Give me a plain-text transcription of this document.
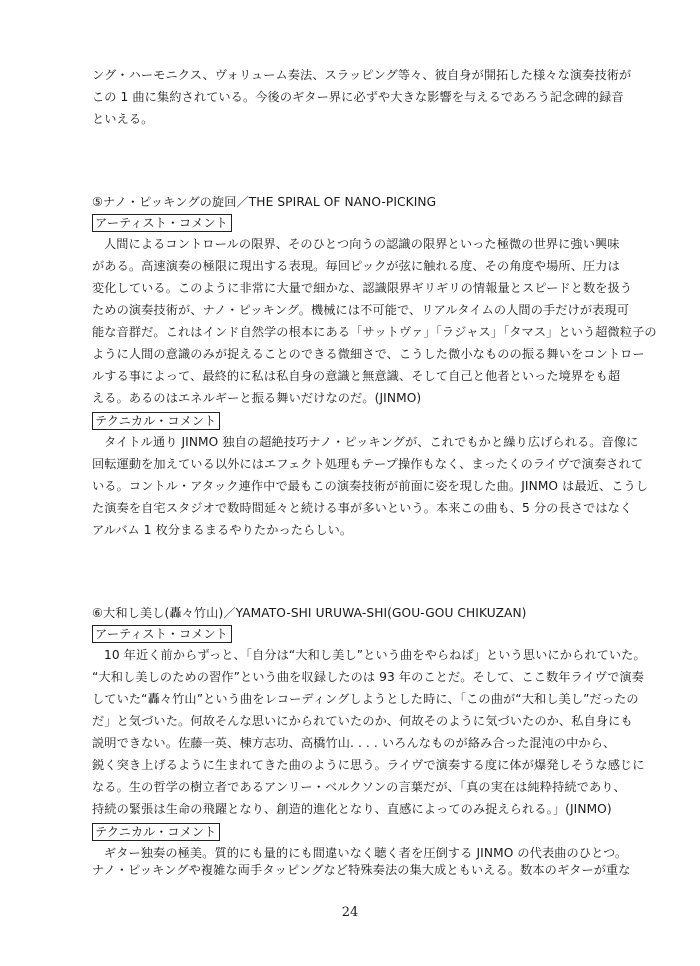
ング・ハーモニクス、ヴォリューム奏法、スラッピング等々、彼自身が開拓した様々な演奏技術が
この 1 曲に集約されている。今後のギター界に必ずや大きな影響を与えるであろう記念碑的録音
といえる。
⑤ナノ・ピッキングの旋回／THE SPIRAL OF NANO-PICKING
アーティスト・コメント
人間によるコントロールの限界、そのひとつ向うの認識の限界といった極微の世界に強い興味
がある。高速演奏の極限に現出する表現。毎回ピックが弦に触れる度、その角度や場所、圧力は
変化している。このように非常に大量で細かな、認識限界ギリギリの情報量とスピードと数を扱う
ための演奏技術が、ナノ・ピッキング。機械には不可能で、リアルタイムの人間の手だけが表現可
能な音群だ。これはインド自然学の根本にある「サットヴァ」「ラジャス」「タマス」という超微粒子の
ように人間の意識のみが捉えることのできる微細さで、こうした微小なものの振る舞いをコントロー
ルする事によって、最終的に私は私自身の意識と無意識、そして自己と他者といった境界をも超
える。あるのはエネルギーと振る舞いだけなのだ。(JINMO)
テクニカル・コメント
タイトル通り JINMO 独自の超絶技巧ナノ・ピッキングが、これでもかと繰り広げられる。音像に
回転運動を加えている以外にはエフェクト処理もテープ操作もなく、まったくのライヴで演奏されて
いる。コントル・アタック連作中で最もこの演奏技術が前面に姿を現した曲。JINMO は最近、こうし
た演奏を自宅スタジオで数時間延々と続ける事が多いという。本来この曲も、5 分の長さではなく
アルバム 1 枚分まるまるやりたかったらしい。
⑥大和し美し(轟々竹山)／YAMATO-SHI URUWA-SHI(GOU-GOU CHIKUZAN)
アーティスト・コメント
10 年近く前からずっと、「自分は“大和し美し”という曲をやらねば」という思いにかられていた。
“大和し美しのための習作”という曲を収録したのは 93 年のことだ。そして、ここ数年ライヴで演奏
していた“轟々竹山”という曲をレコーディングしようとした時に、「この曲が“大和し美し”だったの
だ」と気づいた。何故そんな思いにかられていたのか、何故そのように気づいたのか、私自身にも
説明できない。佐藤一英、棟方志功、高橋竹山. . . . いろんなものが絡み合った混沌の中から、
鋭く突き上げるように生まれてきた曲のように思う。ライヴで演奏する度に体が爆発しそうな感じに
なる。生の哲学の樹立者であるアンリー・ベルクソンの言葉だが、「真の実在は純粋持続であり、
持続の緊張は生命の飛躍となり、創造的進化となり、直感によってのみ捉えられる。」(JINMO)
テクニカル・コメント
ギター独奏の極美。質的にも量的にも間違いなく聴く者を圧倒する JINMO の代表曲のひとつ。
ナノ・ピッキングや複雑な両手タッピングなど特殊奏法の集大成ともいえる。数本のギターが重な
24
